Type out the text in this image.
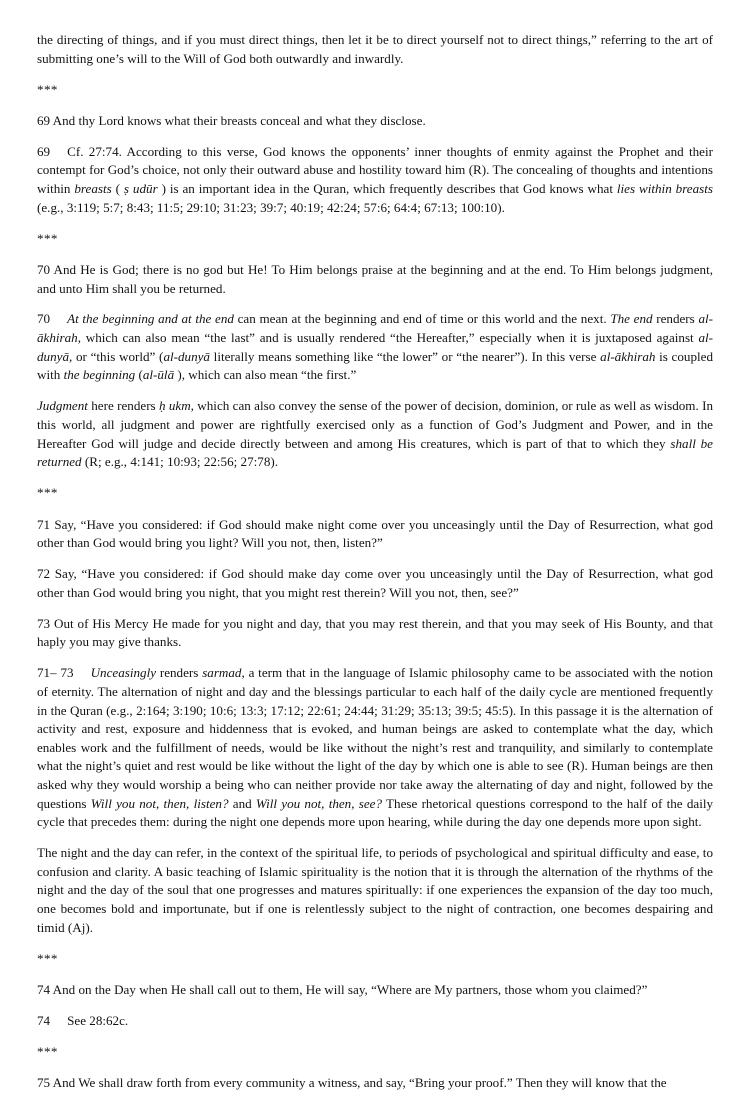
the directing of things, and if you must direct things, then let it be to direct yourself not to direct things,” referring to the art of submitting one’s will to the Will of God both outwardly and inwardly.

***

69 And thy Lord knows what their breasts conceal and what they disclose.

69 Cf. 27:74. According to this verse, God knows the opponents’ inner thoughts of enmity against the Prophet and their contempt for God’s choice, not only their outward abuse and hostility toward him (R). The concealing of thoughts and intentions within breasts ( ṣ udūr ) is an important idea in the Quran, which frequently describes that God knows what lies within breasts (e.g., 3:119; 5:7; 8:43; 11:5; 29:10; 31:23; 39:7; 40:19; 42:24; 57:6; 64:4; 67:13; 100:10).

***

70 And He is God; there is no god but He! To Him belongs praise at the beginning and at the end. To Him belongs judgment, and unto Him shall you be returned.

70 At the beginning and at the end can mean at the beginning and end of time or this world and the next. The end renders al-ākhirah, which can also mean “the last” and is usually rendered “the Hereafter,” especially when it is juxtaposed against al-dunyā, or “this world” (al-dunyā literally means something like “the lower” or “the nearer”). In this verse al-ākhirah is coupled with the beginning (al-ūlā ), which can also mean “the first.”

Judgment here renders ḥ ukm, which can also convey the sense of the power of decision, dominion, or rule as well as wisdom. In this world, all judgment and power are rightfully exercised only as a function of God’s Judgment and Power, and in the Hereafter God will judge and decide directly between and among His creatures, which is part of that to which they shall be returned (R; e.g., 4:141; 10:93; 22:56; 27:78).

***

71 Say, “Have you considered: if God should make night come over you unceasingly until the Day of Resurrection, what god other than God would bring you light? Will you not, then, listen?”

72 Say, “Have you considered: if God should make day come over you unceasingly until the Day of Resurrection, what god other than God would bring you night, that you might rest therein? Will you not, then, see?”

73 Out of His Mercy He made for you night and day, that you may rest therein, and that you may seek of His Bounty, and that haply you may give thanks.

71– 73 Unceasingly renders sarmad, a term that in the language of Islamic philosophy came to be associated with the notion of eternity. The alternation of night and day and the blessings particular to each half of the daily cycle are mentioned frequently in the Quran (e.g., 2:164; 3:190; 10:6; 13:3; 17:12; 22:61; 24:44; 31:29; 35:13; 39:5; 45:5). In this passage it is the alternation of activity and rest, exposure and hiddenness that is evoked, and human beings are asked to contemplate what the day, which enables work and the fulfillment of needs, would be like without the night’s rest and tranquility, and similarly to contemplate what the night’s quiet and rest would be like without the light of the day by which one is able to see (R). Human beings are then asked why they would worship a being who can neither provide nor take away the alternating of day and night, followed by the questions Will you not, then, listen? and Will you not, then, see? These rhetorical questions correspond to the half of the daily cycle that precedes them: during the night one depends more upon hearing, while during the day one depends more upon sight.

The night and the day can refer, in the context of the spiritual life, to periods of psychological and spiritual difficulty and ease, to confusion and clarity. A basic teaching of Islamic spirituality is the notion that it is through the alternation of the rhythms of the night and the day of the soul that one progresses and matures spiritually: if one experiences the expansion of the day too much, one becomes bold and importunate, but if one is relentlessly subject to the night of contraction, one becomes despairing and timid (Aj).

***

74 And on the Day when He shall call out to them, He will say, “Where are My partners, those whom you claimed?”

74 See 28:62c.

***

75 And We shall draw forth from every community a witness, and say, “Bring your proof.” Then they will know that the
